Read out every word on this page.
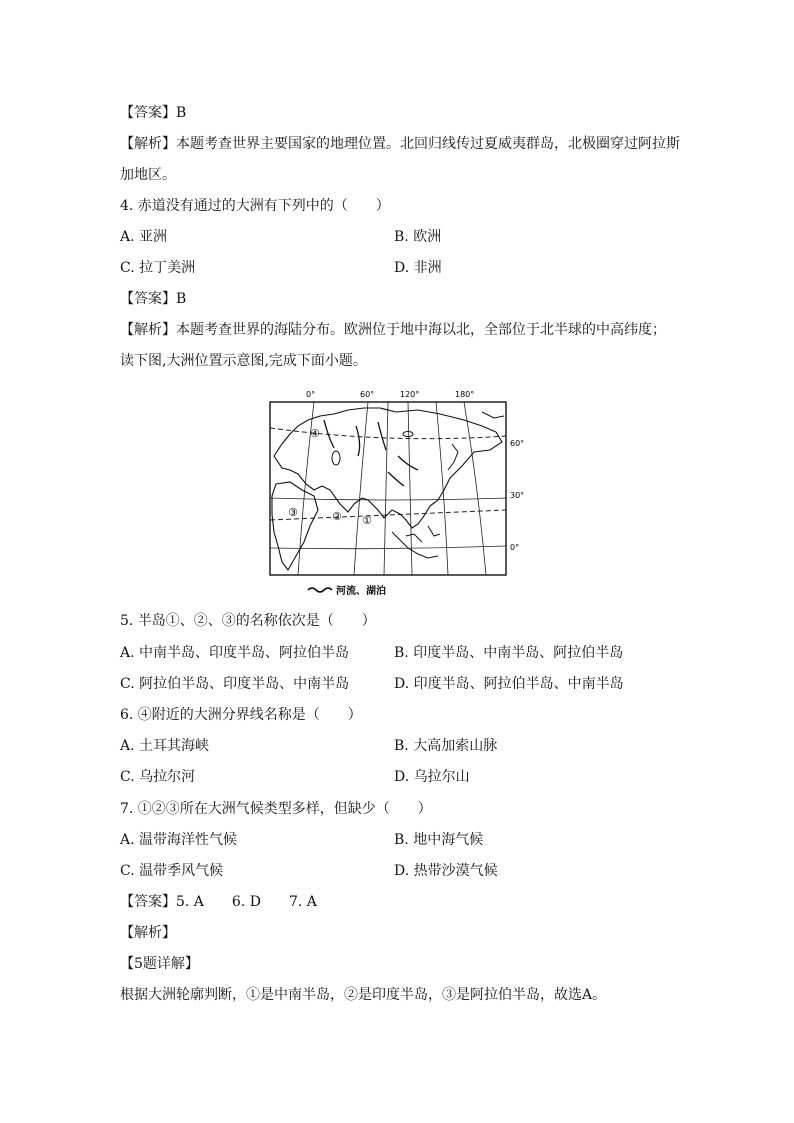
【答案】B
【解析】本题考查世界主要国家的地理位置。北回归线传过夏威夷群岛，北极圈穿过阿拉斯
加地区。
4. 赤道没有通过的大洲有下列中的（　　）
A. 亚洲	B. 欧洲
C. 拉丁美洲	D. 非洲
【答案】B
【解析】本题考查世界的海陆分布。欧洲位于地中海以北，全部位于北半球的中高纬度；
读下图,大洲位置示意图,完成下面小题。
0°	60°	120°	180°
60°
30°
0°
④
③	② ①
河流、湖泊
5. 半岛①、②、③的名称依次是（　　）
A. 中南半岛、印度半岛、阿拉伯半岛	B. 印度半岛、中南半岛、阿拉伯半岛
C. 阿拉伯半岛、印度半岛、中南半岛	D. 印度半岛、阿拉伯半岛、中南半岛
6. ④附近的大洲分界线名称是（　　）
A. 土耳其海峡	B. 大高加索山脉
C. 乌拉尔河	D. 乌拉尔山
7. ①②③所在大洲气候类型多样，但缺少（　　）
A. 温带海洋性气候	B. 地中海气候
C. 温带季风气候	D. 热带沙漠气候
【答案】5. A　　6. D　　7. A
【解析】
【5题详解】
根据大洲轮廓判断，①是中南半岛，②是印度半岛，③是阿拉伯半岛，故选A。
